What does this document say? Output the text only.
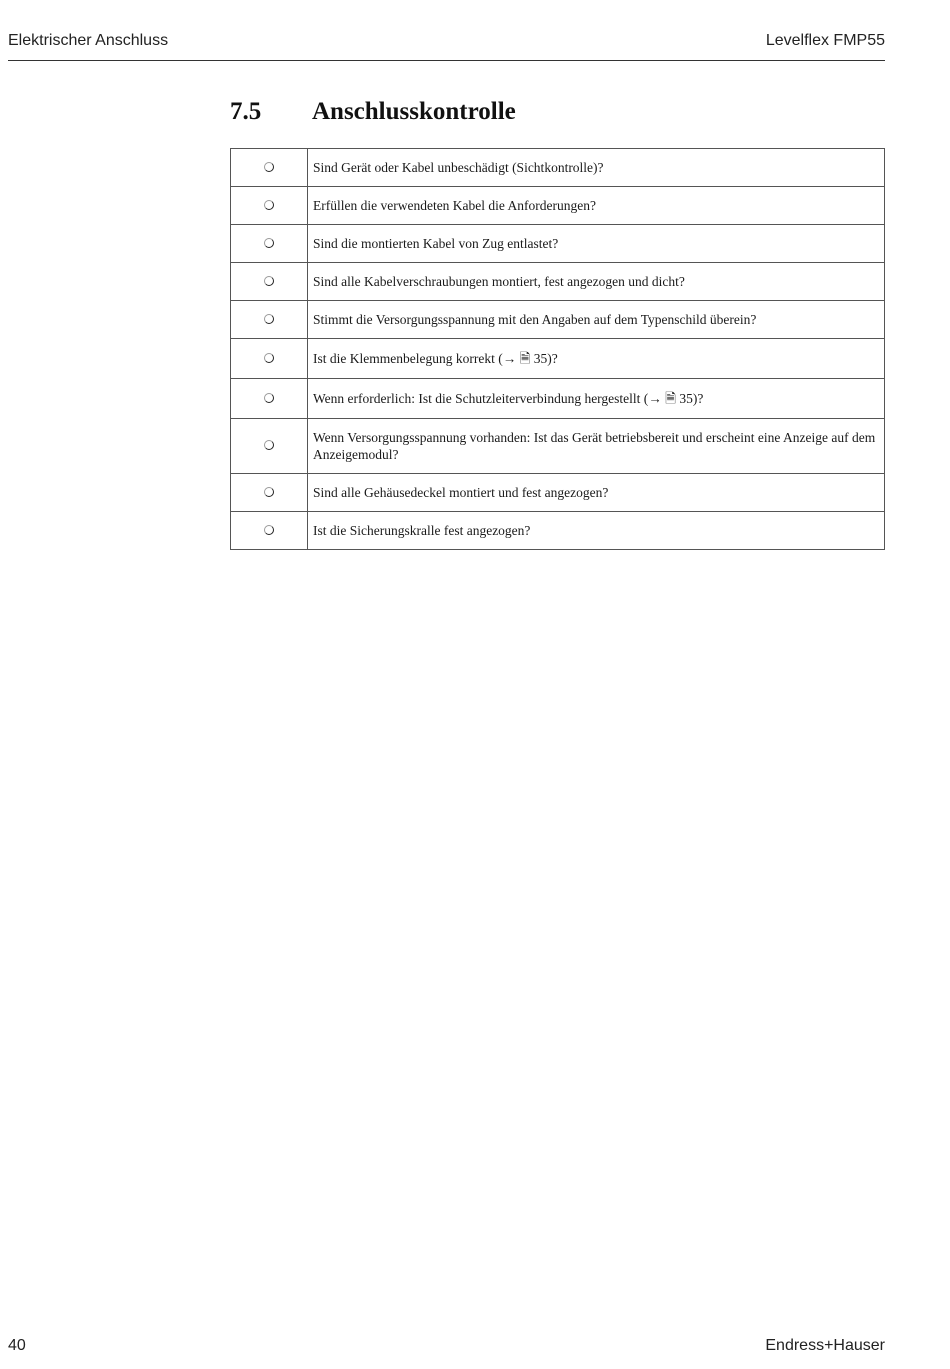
Elektrischer Anschluss	Levelflex FMP55
7.5 Anschlusskontrolle
	Sind Gerät oder Kabel unbeschädigt (Sichtkontrolle)?
	Erfüllen die verwendeten Kabel die Anforderungen?
	Sind die montierten Kabel von Zug entlastet?
	Sind alle Kabelverschraubungen montiert, fest angezogen und dicht?
	Stimmt die Versorgungsspannung mit den Angaben auf dem Typenschild überein?
	Ist die Klemmenbelegung korrekt (→ 🗎 35)?
	Wenn erforderlich: Ist die Schutzleiterverbindung hergestellt (→ 🗎 35)?
	Wenn Versorgungsspannung vorhanden: Ist das Gerät betriebsbereit und erscheint eine Anzeige auf dem Anzeigemodul?
	Sind alle Gehäusedeckel montiert und fest angezogen?
	Ist die Sicherungskralle fest angezogen?
40	Endress+Hauser
